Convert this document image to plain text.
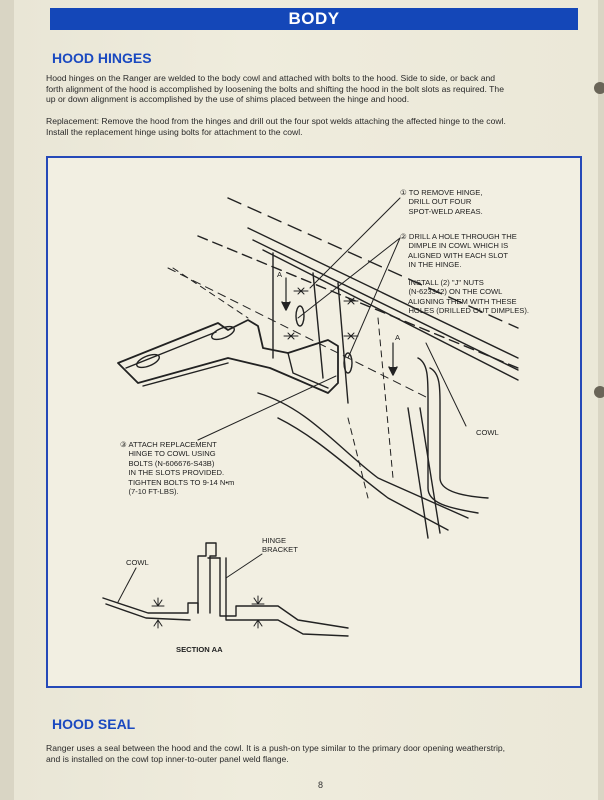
BODY
HOOD HINGES
Hood hinges on the Ranger are welded to the body cowl and attached with bolts to the hood. Side to side, or back and
forth alignment of the hood is accomplished by loosening the bolts and shifting the hood in the bolt slots as required. The
up or down alignment is accomplished by the use of shims placed between the hinge and hood.
Replacement: Remove the hood from the hinges and drill out the four spot welds attaching the affected hinge to the cowl.
Install the replacement hinge using bolts for attachment to the cowl.
① TO REMOVE HINGE,
DRILL OUT FOUR
SPOT-WELD AREAS.
② DRILL A HOLE THROUGH THE
DIMPLE IN COWL WHICH IS
ALIGNED WITH EACH SLOT
IN THE HINGE.
INSTALL (2) "J" NUTS
(N-623342) ON THE COWL
ALIGNING THEM WITH THESE
HOLES (DRILLED OUT DIMPLES).
③ ATTACH REPLACEMENT
HINGE TO COWL USING
BOLTS (N-606676-S43B)
IN THE SLOTS PROVIDED.
TIGHTEN BOLTS TO 9-14 N•m
(7-10 FT-LBS).
COWL
COWL
HINGE
BRACKET
SECTION AA
A
A
HOOD SEAL
Ranger uses a seal between the hood and the cowl. It is a push-on type similar to the primary door opening weatherstrip,
and is installed on the cowl top inner-to-outer panel weld flange.
8
